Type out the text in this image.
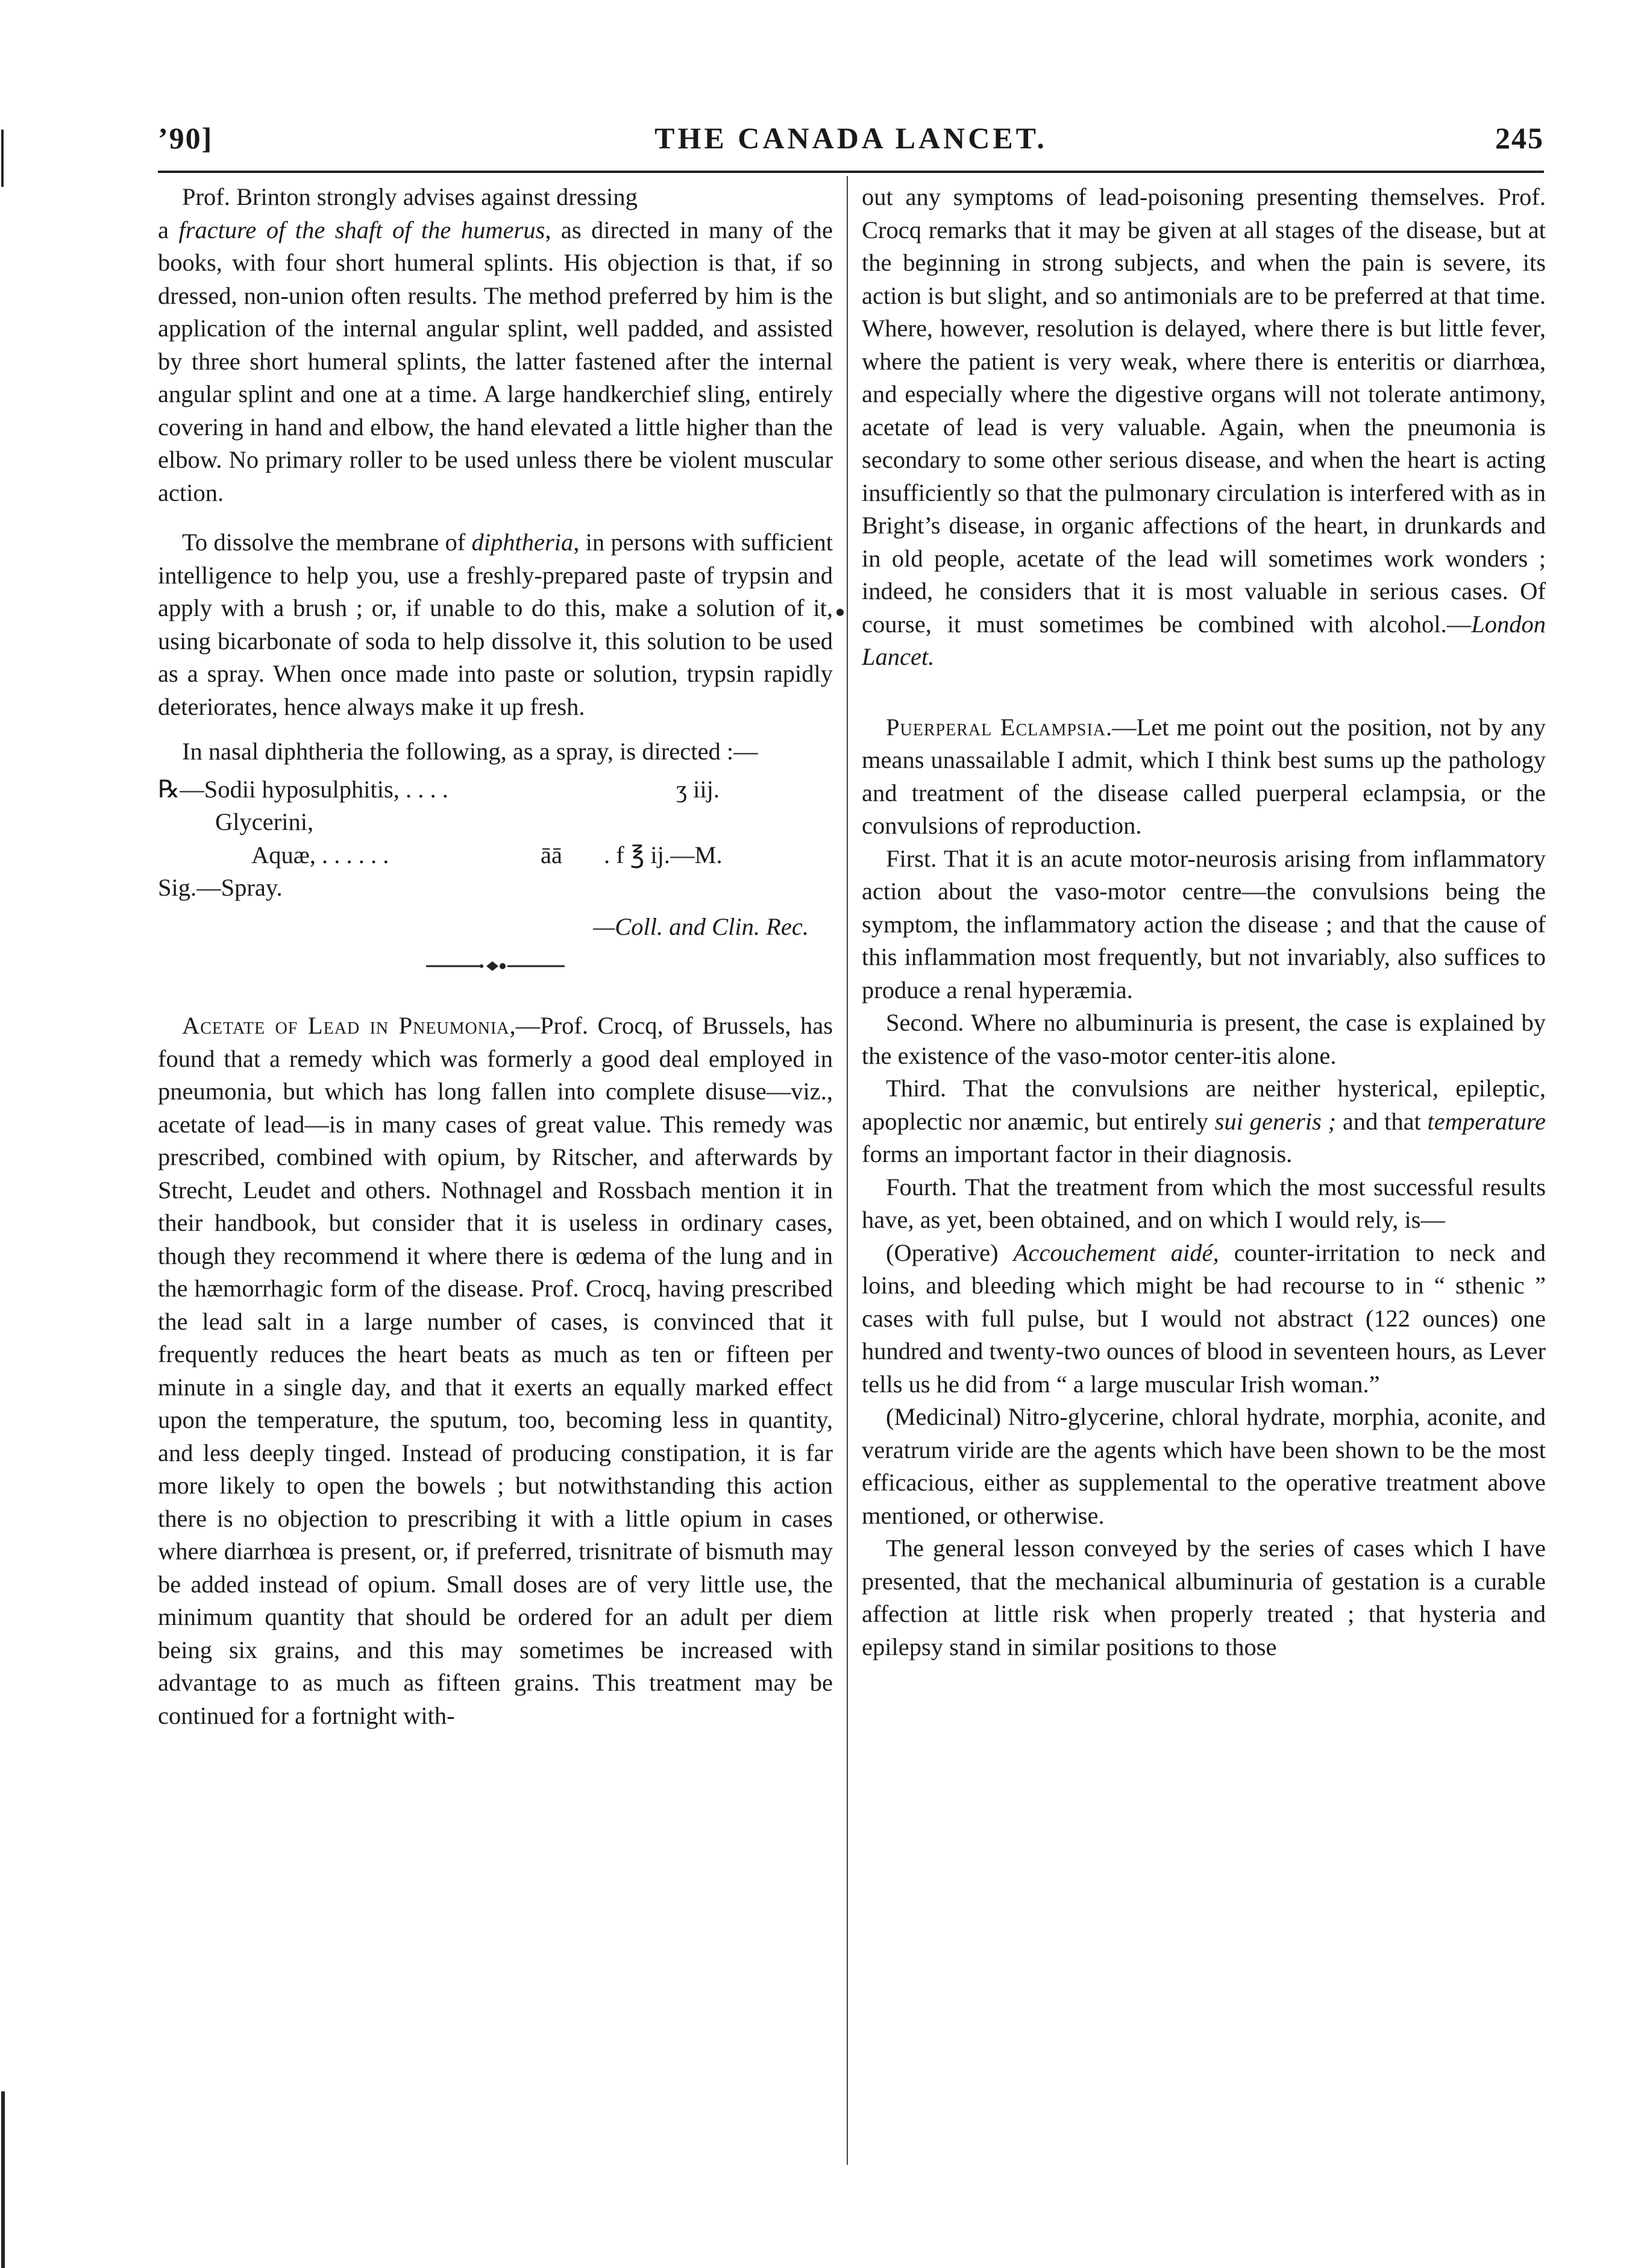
’90]	THE CANADA LANCET.	245

Prof. Brinton strongly advises against dressing
a fracture of the shaft of the humerus, as directed in many of the books, with four short humeral splints. His objection is that, if so dressed, non-union often results. The method preferred by him is the application of the internal angular splint, well padded, and assisted by three short humeral splints, the latter fastened after the internal angular splint and one at a time. A large handkerchief sling, entirely covering in hand and elbow, the hand elevated a little higher than the elbow. No primary roller to be used unless there be violent muscular action.

To dissolve the membrane of diphtheria, in persons with sufficient intelligence to help you, use a freshly-prepared paste of trypsin and apply with a brush ; or, if unable to do this, make a solution of it, using bicarbonate of soda to help dissolve it, this solution to be used as a spray. When once made into paste or solution, trypsin rapidly deteriorates, hence always make it up fresh.

In nasal diphtheria the following, as a spray, is directed :—

℞—Sodii hyposulphitis, . . . .	ʒ iij.
Glycerini,
Aquæ, . . . . . .	āā . f ℥ ij.—M.
Sig.—Spray.

—Coll. and Clin. Rec.

Acetate of Lead in Pneumonia,—Prof. Crocq, of Brussels, has found that a remedy which was formerly a good deal employed in pneumonia, but which has long fallen into complete disuse—viz., acetate of lead—is in many cases of great value. This remedy was prescribed, combined with opium, by Ritscher, and afterwards by Strecht, Leudet and others. Nothnagel and Rossbach mention it in their handbook, but consider that it is useless in ordinary cases, though they recommend it where there is œdema of the lung and in the hæmorrhagic form of the disease. Prof. Crocq, having prescribed the lead salt in a large number of cases, is convinced that it frequently reduces the heart beats as much as ten or fifteen per minute in a single day, and that it exerts an equally marked effect upon the temperature, the sputum, too, becoming less in quantity, and less deeply tinged. Instead of producing constipation, it is far more likely to open the bowels ; but notwithstanding this action there is no objection to prescribing it with a little opium in cases where diarrhœa is present, or, if preferred, trisnitrate of bismuth may be added instead of opium. Small doses are of very little use, the minimum quantity that should be ordered for an adult per diem being six grains, and this may sometimes be increased with advantage to as much as fifteen grains. This treatment may be continued for a fortnight with-

out any symptoms of lead-poisoning presenting themselves. Prof. Crocq remarks that it may be given at all stages of the disease, but at the beginning in strong subjects, and when the pain is severe, its action is but slight, and so antimonials are to be preferred at that time. Where, however, resolution is delayed, where there is but little fever, where the patient is very weak, where there is enteritis or diarrhœa, and especially where the digestive organs will not tolerate antimony, acetate of lead is very valuable. Again, when the pneumonia is secondary to some other serious disease, and when the heart is acting insufficiently so that the pulmonary circulation is interfered with as in Bright’s disease, in organic affections of the heart, in drunkards and in old people, acetate of the lead will sometimes work wonders ; indeed, he considers that it is most valuable in serious cases. Of course, it must sometimes be combined with alcohol.—London Lancet.

Puerperal Eclampsia.—Let me point out the position, not by any means unassailable I admit, which I think best sums up the pathology and treatment of the disease called puerperal eclampsia, or the convulsions of reproduction.

First. That it is an acute motor-neurosis arising from inflammatory action about the vaso-motor centre—the convulsions being the symptom, the inflammatory action the disease ; and that the cause of this inflammation most frequently, but not invariably, also suffices to produce a renal hyperæmia.

Second. Where no albuminuria is present, the case is explained by the existence of the vaso-motor center-itis alone.

Third. That the convulsions are neither hysterical, epileptic, apoplectic nor anæmic, but entirely sui generis ; and that temperature forms an important factor in their diagnosis.

Fourth. That the treatment from which the most successful results have, as yet, been obtained, and on which I would rely, is—

(Operative) Accouchement aidé, counter-irritation to neck and loins, and bleeding which might be had recourse to in “ sthenic ” cases with full pulse, but I would not abstract (122 ounces) one hundred and twenty-two ounces of blood in seventeen hours, as Lever tells us he did from “ a large muscular Irish woman.”

(Medicinal) Nitro-glycerine, chloral hydrate, morphia, aconite, and veratrum viride are the agents which have been shown to be the most efficacious, either as supplemental to the operative treatment above mentioned, or otherwise.

The general lesson conveyed by the series of cases which I have presented, that the mechanical albuminuria of gestation is a curable affection at little risk when properly treated ; that hysteria and epilepsy stand in similar positions to those
